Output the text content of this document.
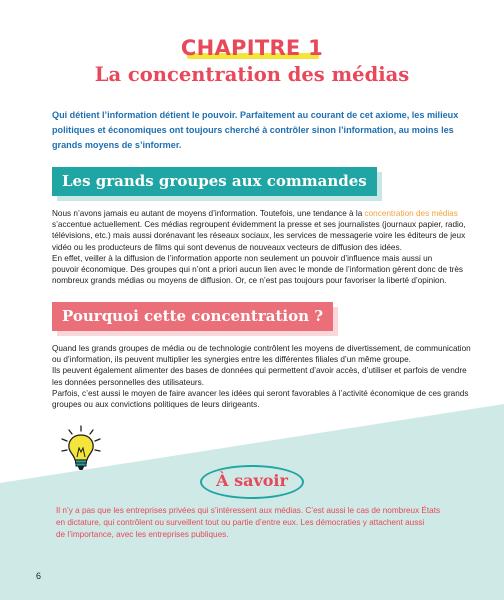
CHAPITRE 1
La concentration des médias
Qui détient l’information détient le pouvoir. Parfaitement au courant de cet axiome, les milieux politiques et économiques ont toujours cherché à contrôler sinon l’information, au moins les grands moyens de s’informer.
Les grands groupes aux commandes
Nous n’avons jamais eu autant de moyens d’information. Toutefois, une tendance à la concentration des médias
s’accentue actuellement. Ces médias regroupent évidemment la presse et ses journalistes (journaux papier, radio,
télévisions, etc.) mais aussi dorénavant les réseaux sociaux, les services de messagerie voire les éditeurs de jeux
vidéo ou les producteurs de films qui sont devenus de nouveaux vecteurs de diffusion des idées.
En effet, veiller à la diffusion de l’information apporte non seulement un pouvoir d’influence mais aussi un
pouvoir économique. Des groupes qui n’ont a priori aucun lien avec le monde de l’information gèrent donc de très
nombreux grands médias ou moyens de diffusion. Or, ce n’est pas toujours pour favoriser la liberté d’opinion.
Pourquoi cette concentration ?
Quand les grands groupes de média ou de technologie contrôlent les moyens de divertissement, de communication
ou d’information, ils peuvent multiplier les synergies entre les différentes filiales d’un même groupe.
Ils peuvent également alimenter des bases de données qui permettent d’avoir accès, d’utiliser et parfois de vendre
les données personnelles des utilisateurs.
Parfois, c’est aussi le moyen de faire avancer les idées qui seront favorables à l’activité économique de ces grands
groupes ou aux convictions politiques de leurs dirigeants.
À savoir
Il n’y a pas que les entreprises privées qui s’intéressent aux médias. C’est aussi le cas de nombreux États
en dictature, qui contrôlent ou surveillent tout ou partie d’entre eux. Les démocraties y attachent aussi
de l’importance, avec les entreprises publiques.
6
